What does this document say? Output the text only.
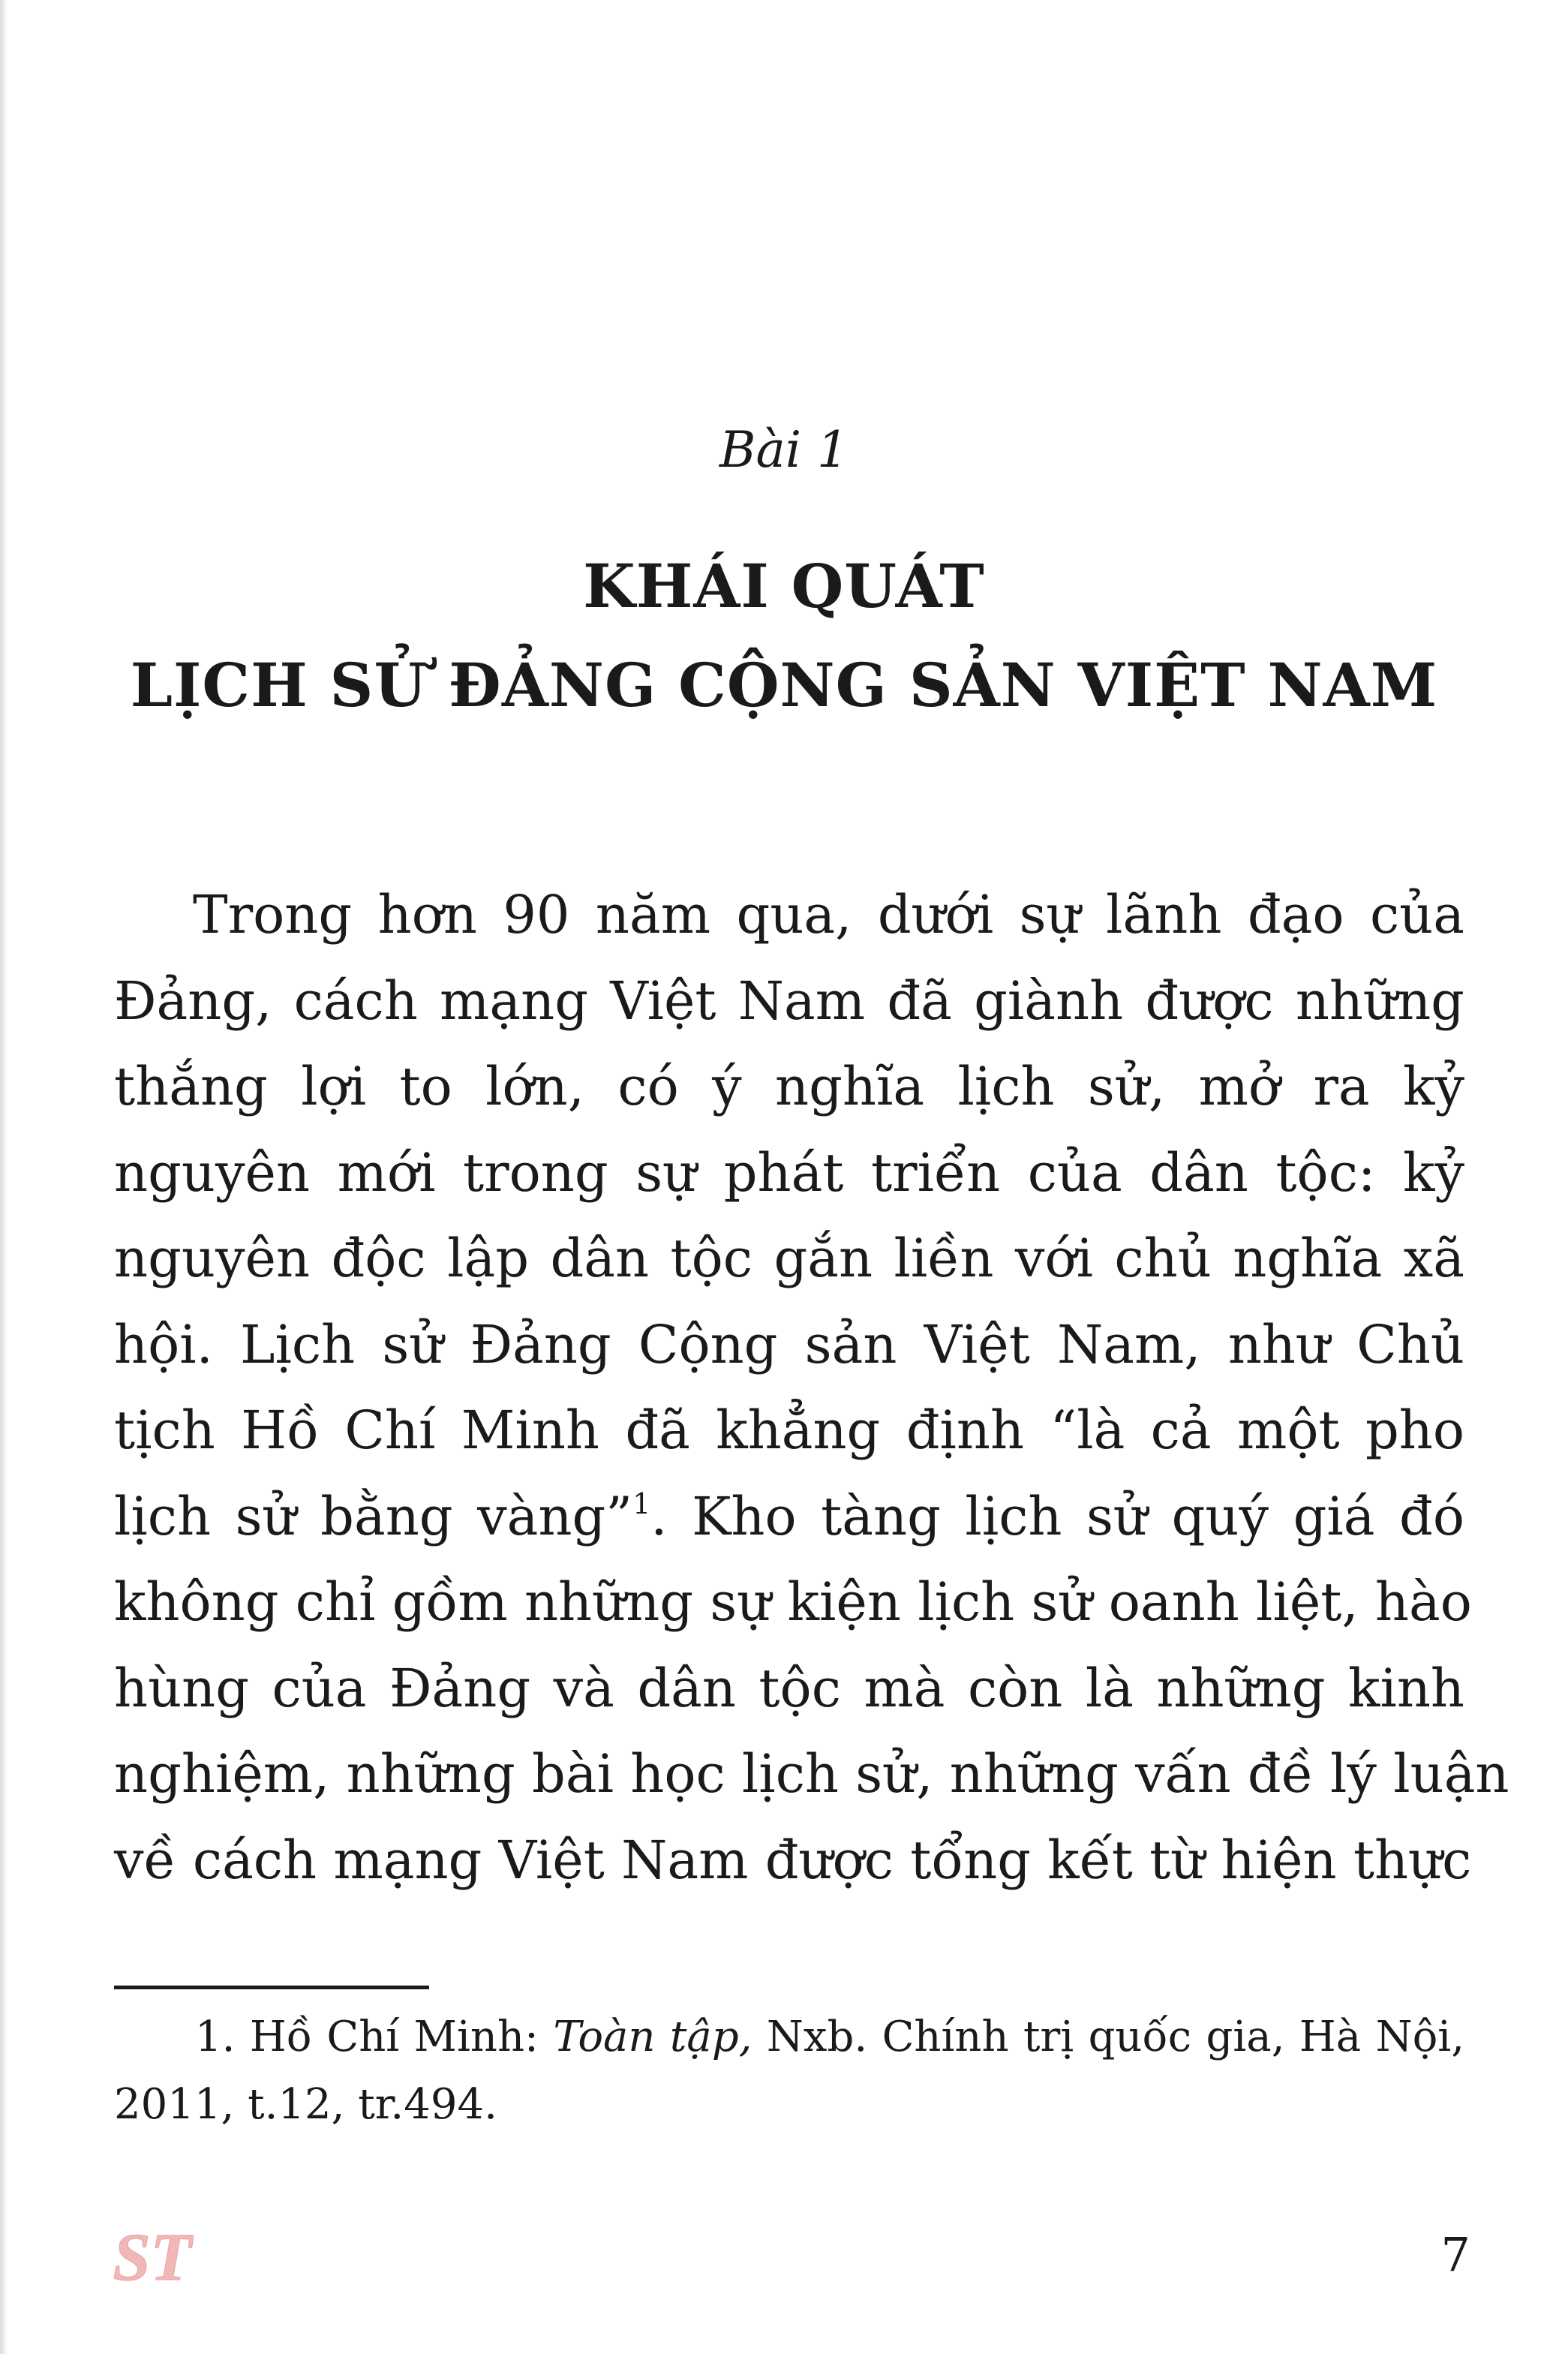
Bài 1
KHÁI QUÁT
LỊCH SỬ ĐẢNG CỘNG SẢN VIỆT NAM
Trong hơn 90 năm qua, dưới sự lãnh đạo của
Đảng, cách mạng Việt Nam đã giành được những
thắng lợi to lớn, có ý nghĩa lịch sử, mở ra kỷ
nguyên mới trong sự phát triển của dân tộc: kỷ
nguyên độc lập dân tộc gắn liền với chủ nghĩa xã
hội. Lịch sử Đảng Cộng sản Việt Nam, như Chủ
tịch Hồ Chí Minh đã khẳng định “là cả một pho
lịch sử bằng vàng”$^1$. Kho tàng lịch sử quý giá đó
không chỉ gồm những sự kiện lịch sử oanh liệt, hào
hùng của Đảng và dân tộc mà còn là những kinh
nghiệm, những bài học lịch sử, những vấn đề lý luận
về cách mạng Việt Nam được tổng kết từ hiện thực
1. Hồ Chí Minh: Toàn tập, Nxb. Chính trị quốc gia, Hà Nội,
2011, t.12, tr.494.
ST	7
